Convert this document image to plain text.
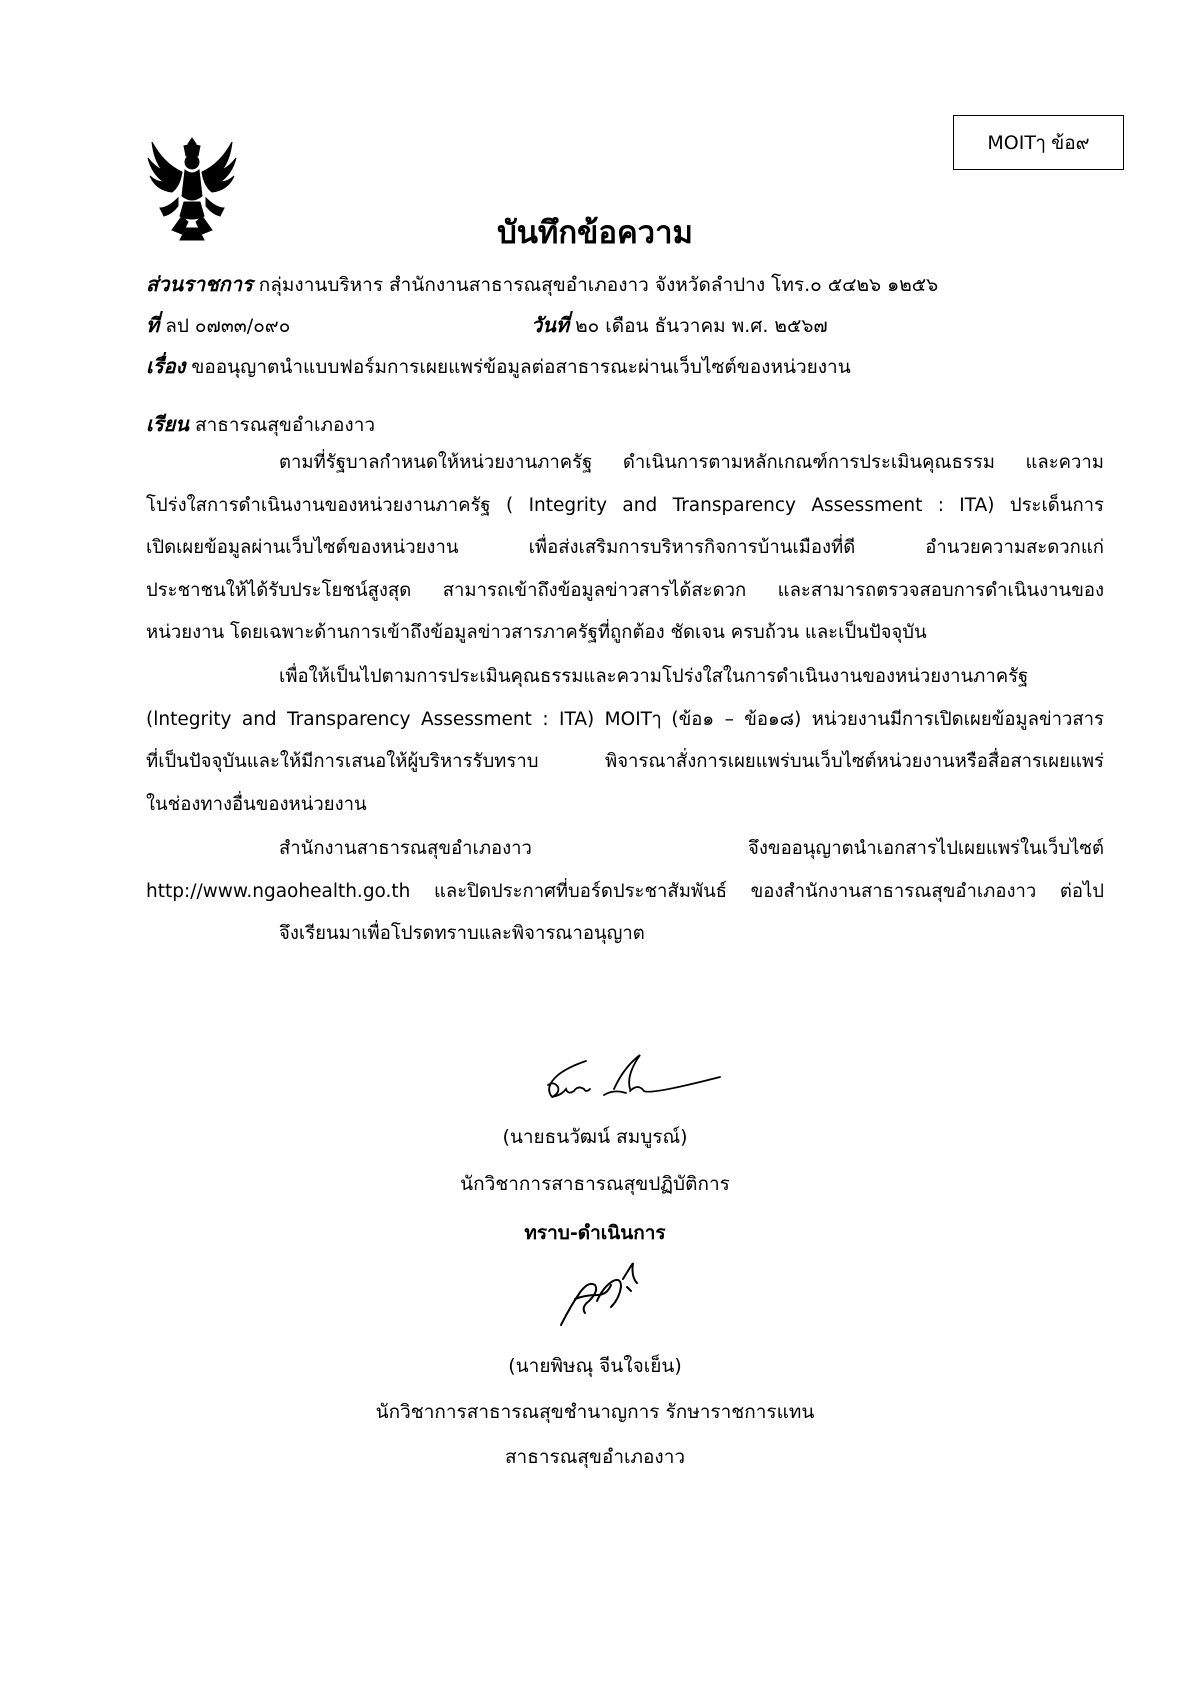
MOITๅ ข้อ๙
บันทึกข้อความ
ส่วนราชการ กลุ่มงานบริหาร สำนักงานสาธารณสุขอำเภองาว จังหวัดลำปาง โทร.๐ ๕๔๒๖ ๑๒๕๖
ที่ ลป ๐๗๓๓/๐๙๐	วันที่ ๒๐ เดือน ธันวาคม พ.ศ. ๒๕๖๗
เรื่อง ขออนุญาตนำแบบฟอร์มการเผยแพร่ข้อมูลต่อสาธารณะผ่านเว็บไซต์ของหน่วยงาน
เรียน สาธารณสุขอำเภองาว
ตามที่รัฐบาลกำหนดให้หน่วยงานภาครัฐ ดำเนินการตามหลักเกณฑ์การประเมินคุณธรรม และความ
โปร่งใสการดำเนินงานของหน่วยงานภาครัฐ ( Integrity and Transparency Assessment : ITA) ประเด็นการ
เปิดเผยข้อมูลผ่านเว็บไซต์ของหน่วยงาน เพื่อส่งเสริมการบริหารกิจการบ้านเมืองที่ดี อำนวยความสะดวกแก่
ประชาชนให้ได้รับประโยชน์สูงสุด สามารถเข้าถึงข้อมูลข่าวสารได้สะดวก และสามารถตรวจสอบการดำเนินงานของ
หน่วยงาน โดยเฉพาะด้านการเข้าถึงข้อมูลข่าวสารภาครัฐที่ถูกต้อง ชัดเจน ครบถ้วน และเป็นปัจจุบัน
เพื่อให้เป็นไปตามการประเมินคุณธรรมและความโปร่งใสในการดำเนินงานของหน่วยงานภาครัฐ
(lntegrity and Transparency Assessment : ITA) MOITๅ (ข้อ๑ – ข้อ๑๘) หน่วยงานมีการเปิดเผยข้อมูลข่าวสาร
ที่เป็นปัจจุบันและให้มีการเสนอให้ผู้บริหารรับทราบ พิจารณาสั่งการเผยแพร่บนเว็บไซต์หน่วยงานหรือสื่อสารเผยแพร่
ในช่องทางอื่นของหน่วยงาน
สำนักงานสาธารณสุขอำเภองาว จึงขออนุญาตนำเอกสารไปเผยแพร่ในเว็บไซต์
http://www.ngaohealth.go.th และปิดประกาศที่บอร์ดประชาสัมพันธ์ ของสำนักงานสาธารณสุขอำเภองาว ต่อไป
จึงเรียนมาเพื่อโปรดทราบและพิจารณาอนุญาต
(นายธนวัฒน์ สมบูรณ์)
นักวิชาการสาธารณสุขปฏิบัติการ
ทราบ-ดำเนินการ
(นายพิษณุ จีนใจเย็น)
นักวิชาการสาธารณสุขชำนาญการ รักษาราชการแทน
สาธารณสุขอำเภองาว
